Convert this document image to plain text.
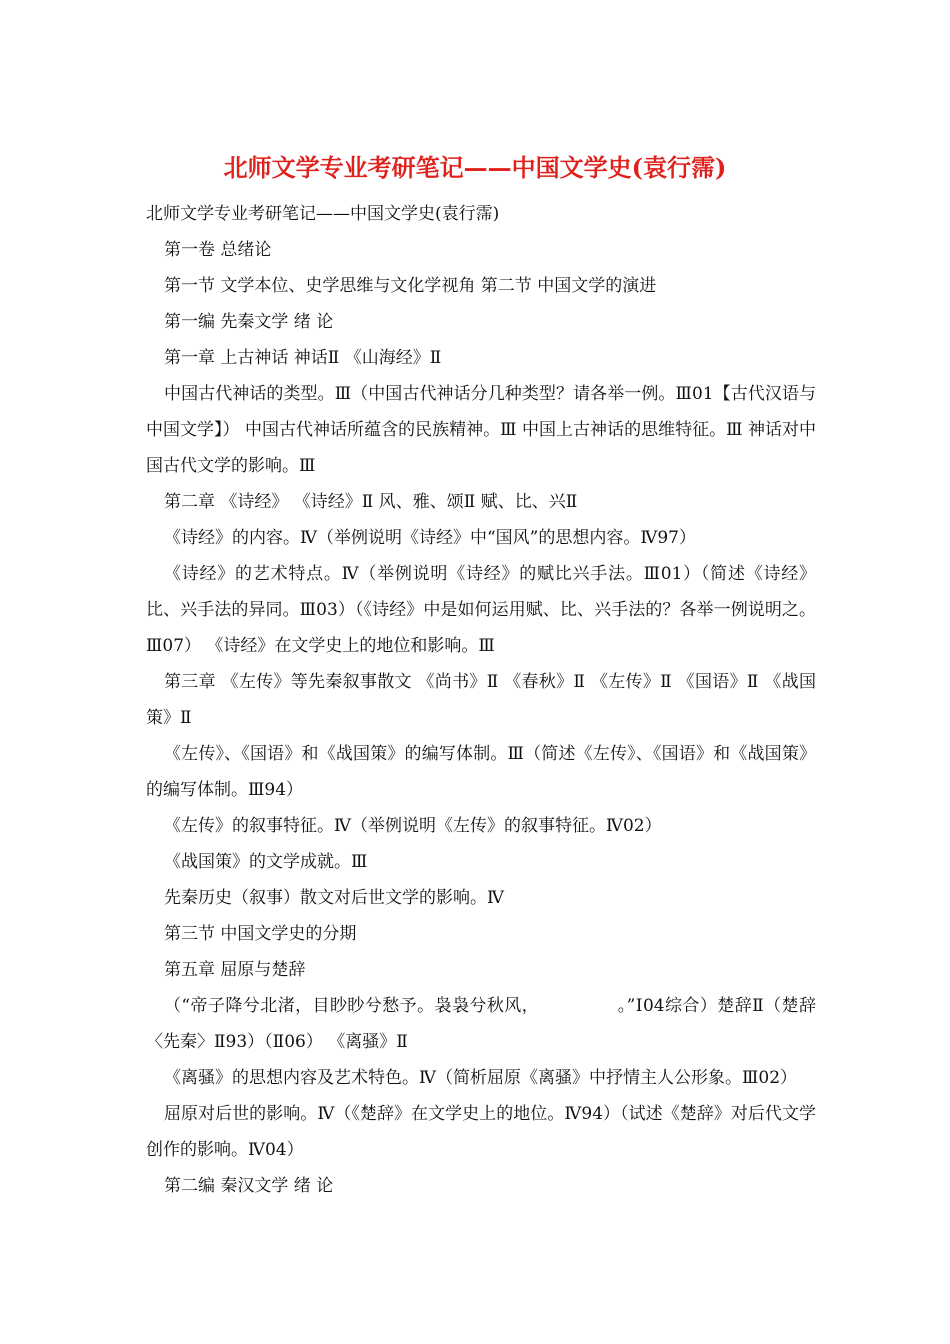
北师文学专业考研笔记——中国文学史(袁行霈)

北师文学专业考研笔记——中国文学史(袁行霈)

第一卷 总绪论

第一节 文学本位、史学思维与文化学视角 第二节 中国文学的演进

第一编 先秦文学 绪 论

第一章 上古神话 神话Ⅱ 《山海经》Ⅱ

中国古代神话的类型。Ⅲ（中国古代神话分几种类型？请各举一例。Ⅲ01【古代汉语与中国文学】） 中国古代神话所蕴含的民族精神。Ⅲ 中国上古神话的思维特征。Ⅲ 神话对中国古代文学的影响。Ⅲ

第二章 《诗经》 《诗经》Ⅱ 风、雅、颂Ⅱ 赋、比、兴Ⅱ

《诗经》的内容。Ⅳ（举例说明《诗经》中“国风”的思想内容。Ⅳ97）

《诗经》的艺术特点。Ⅳ（举例说明《诗经》的赋比兴手法。Ⅲ01）（简述《诗经》比、兴手法的异同。Ⅲ03）（《诗经》中是如何运用赋、比、兴手法的？各举一例说明之。Ⅲ07） 《诗经》在文学史上的地位和影响。Ⅲ

第三章 《左传》等先秦叙事散文 《尚书》Ⅱ 《春秋》Ⅱ 《左传》Ⅱ 《国语》Ⅱ 《战国策》Ⅱ

《左传》、《国语》和《战国策》的编写体制。Ⅲ（简述《左传》、《国语》和《战国策》的编写体制。Ⅲ94）

《左传》的叙事特征。Ⅳ（举例说明《左传》的叙事特征。Ⅳ02）

《战国策》的文学成就。Ⅲ

先秦历史（叙事）散文对后世文学的影响。Ⅳ

第三节 中国文学史的分期

第五章 屈原与楚辞

（“帝子降兮北渚，目眇眇兮愁予。袅袅兮秋风，　　　　　。”Ⅰ04综合）楚辞Ⅱ（楚辞〈先秦〉Ⅱ93）（Ⅱ06） 《离骚》Ⅱ

《离骚》的思想内容及艺术特色。Ⅳ（简析屈原《离骚》中抒情主人公形象。Ⅲ02）

屈原对后世的影响。Ⅳ（《楚辞》在文学史上的地位。Ⅳ94）（试述《楚辞》对后代文学创作的影响。Ⅳ04）

第二编 秦汉文学 绪 论
